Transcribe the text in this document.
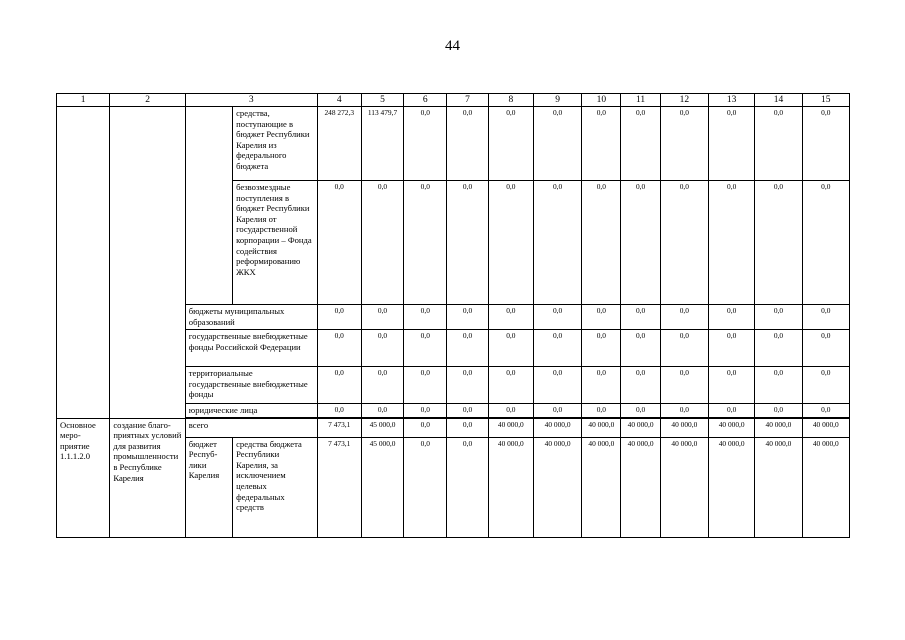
44
1	2	3		4	5	6	7	8	9	10	11	12	13	14	15
			средства, поступающие в бюджет Республики Карелия из федерального бюджета	248 272,3	113 479,7	0,0	0,0	0,0	0,0	0,0	0,0	0,0	0,0	0,0	0,0
			безвозмездные поступления в бюджет Республики Карелия от государственной корпорации – Фонда содействия реформированию ЖКХ	0,0	0,0	0,0	0,0	0,0	0,0	0,0	0,0	0,0	0,0	0,0	0,0
		бюджеты муниципальных образований		0,0	0,0	0,0	0,0	0,0	0,0	0,0	0,0	0,0	0,0	0,0	0,0
		государственные внебюджетные фонды Российской Федерации		0,0	0,0	0,0	0,0	0,0	0,0	0,0	0,0	0,0	0,0	0,0	0,0
		территориальные государственные внебюджетные фонды		0,0	0,0	0,0	0,0	0,0	0,0	0,0	0,0	0,0	0,0	0,0	0,0
		юридические лица		0,0	0,0	0,0	0,0	0,0	0,0	0,0	0,0	0,0	0,0	0,0	0,0

Основное мероприятие 1.1.1.2.0	создание благоприятных условий для развития промышленности в Республике Карелия	всего		7 473,1	45 000,0	0,0	0,0	40 000,0	40 000,0	40 000,0	40 000,0	40 000,0	40 000,0	40 000,0	40 000,0
		бюджет Республики Карелия	средства бюджета Республики Карелия, за исключением целевых федеральных средств	7 473,1	45 000,0	0,0	0,0	40 000,0	40 000,0	40 000,0	40 000,0	40 000,0	40 000,0	40 000,0	40 000,0
